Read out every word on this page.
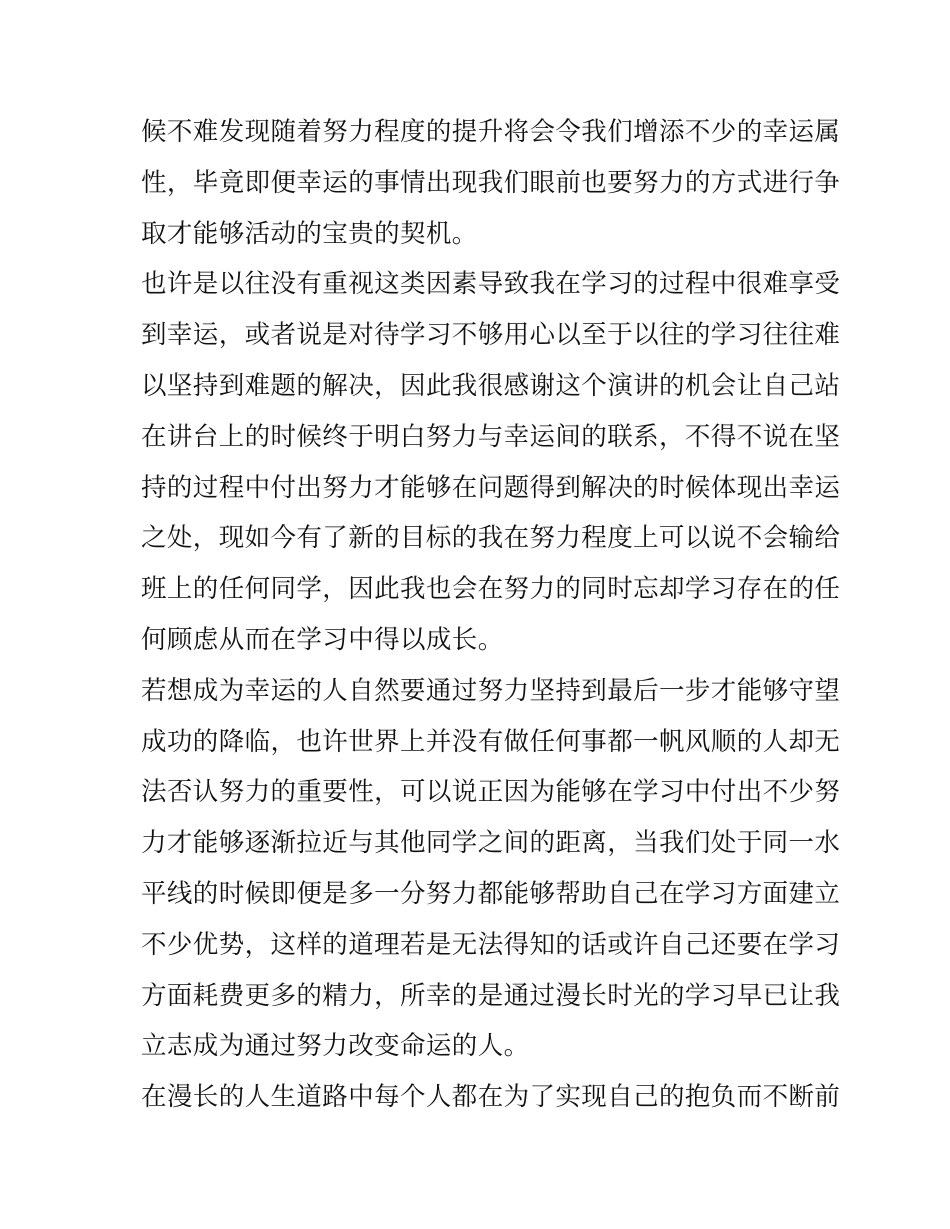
候不难发现随着努力程度的提升将会令我们增添不少的幸运属
性，毕竟即便幸运的事情出现我们眼前也要努力的方式进行争
取才能够活动的宝贵的契机。
也许是以往没有重视这类因素导致我在学习的过程中很难享受
到幸运，或者说是对待学习不够用心以至于以往的学习往往难
以坚持到难题的解决，因此我很感谢这个演讲的机会让自己站
在讲台上的时候终于明白努力与幸运间的联系，不得不说在坚
持的过程中付出努力才能够在问题得到解决的时候体现出幸运
之处，现如今有了新的目标的我在努力程度上可以说不会输给
班上的任何同学，因此我也会在努力的同时忘却学习存在的任
何顾虑从而在学习中得以成长。
若想成为幸运的人自然要通过努力坚持到最后一步才能够守望
成功的降临，也许世界上并没有做任何事都一帆风顺的人却无
法否认努力的重要性，可以说正因为能够在学习中付出不少努
力才能够逐渐拉近与其他同学之间的距离，当我们处于同一水
平线的时候即便是多一分努力都能够帮助自己在学习方面建立
不少优势，这样的道理若是无法得知的话或许自己还要在学习
方面耗费更多的精力，所幸的是通过漫长时光的学习早已让我
立志成为通过努力改变命运的人。
在漫长的人生道路中每个人都在为了实现自己的抱负而不断前
